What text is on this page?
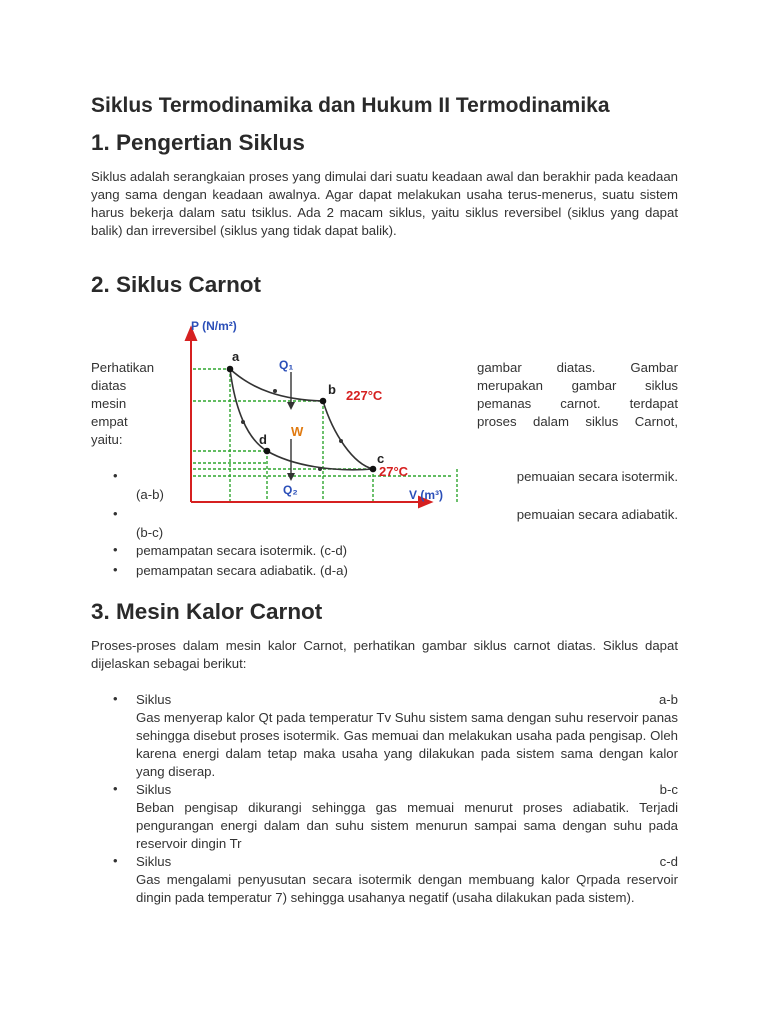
Siklus Termodinamika dan Hukum II Termodinamika
1. Pengertian Siklus

Siklus adalah serangkaian proses yang dimulai dari suatu keadaan awal dan berakhir pada keadaan yang sama dengan keadaan awalnya. Agar dapat melakukan usaha terus-menerus, suatu sistem harus bekerja dalam satu tsiklus. Ada 2 macam siklus, yaitu siklus reversibel (siklus yang dapat balik) dan irreversibel (siklus yang tidak dapat balik).

2. Siklus Carnot
Perhatikan
diatas
mesin
empat
yaitu:
gambar diatas. Gambar
merupakan gambar siklus
pemanas carnot. terdapat
proses dalam siklus Carnot,
P (N/m²)
V (m³)
a
b
c
d
Q₁
Q₂
W
227°C
27°C
•	pemuaian secara isotermik.
(a-b)
•	pemuaian secara adiabatik.
(b-c)
• pemampatan secara isotermik. (c-d)
• pemampatan secara adiabatik. (d-a)
3. Mesin Kalor Carnot

Proses-proses dalam mesin kalor Carnot, perhatikan gambar siklus carnot diatas. Siklus dapat dijelaskan sebagai berikut:

• Siklus	a-b
Gas menyerap kalor Qt pada temperatur Tv Suhu sistem sama dengan suhu reservoir panas sehingga disebut proses isotermik. Gas memuai dan melakukan usaha pada pengisap. Oleh karena energi dalam tetap maka usaha yang dilakukan pada sistem sama dengan kalor yang diserap.
• Siklus	b-c
Beban pengisap dikurangi sehingga gas memuai menurut proses adiabatik. Terjadi pengurangan energi dalam dan suhu sistem menurun sampai sama dengan suhu pada reservoir dingin Tr
• Siklus	c-d
Gas mengalami penyusutan secara isotermik dengan membuang kalor Qrpada reservoir dingin pada temperatur 7) sehingga usahanya negatif (usaha dilakukan pada sistem).
